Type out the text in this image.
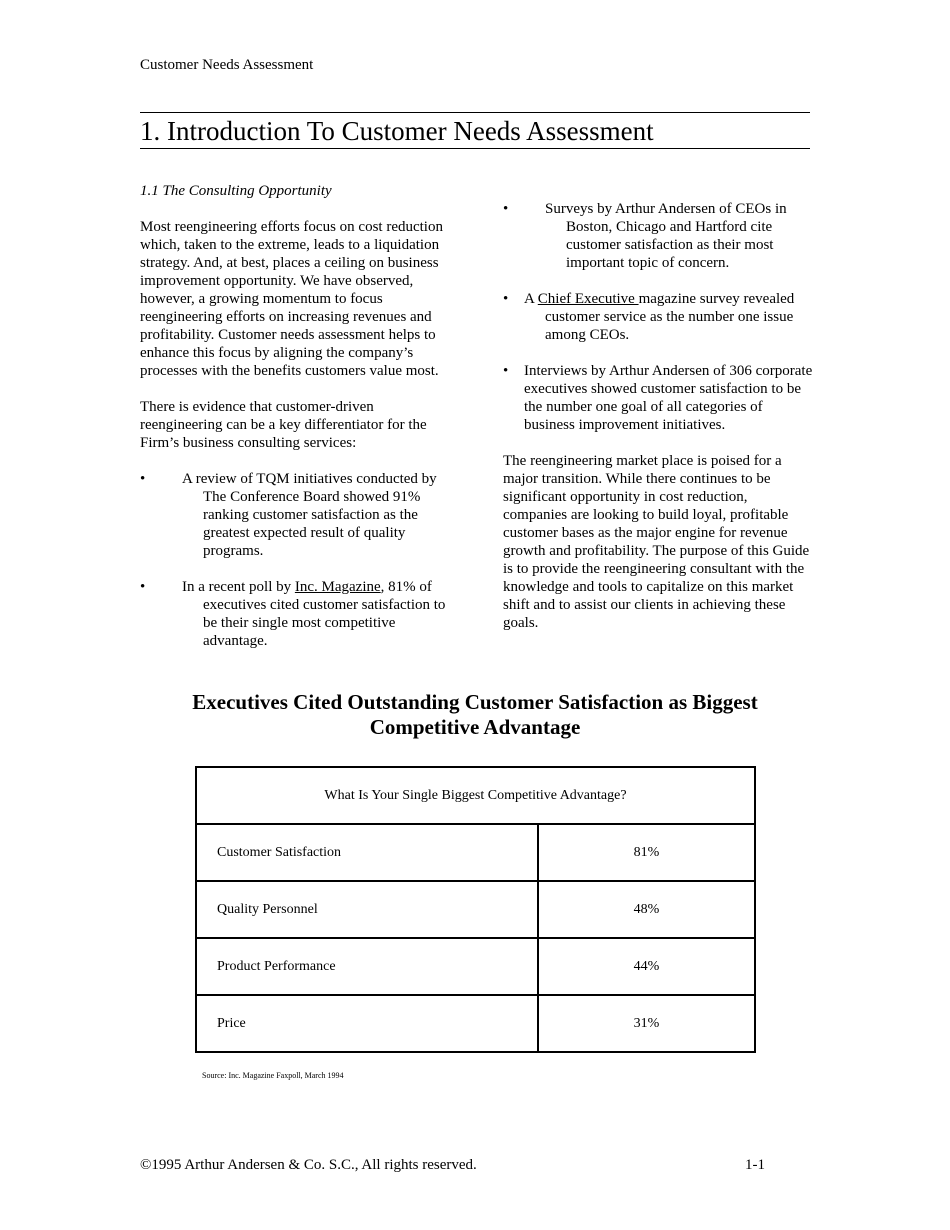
Customer Needs Assessment
1. Introduction To Customer Needs Assessment
1.1 The Consulting Opportunity

Most reengineering efforts focus on cost reduction which, taken to the extreme, leads to a liquidation strategy. And, at best, places a ceiling on business improvement opportunity. We have observed, however, a growing momentum to focus reengineering efforts on increasing revenues and profitability. Customer needs assessment helps to enhance this focus by aligning the company’s processes with the benefits customers value most.

There is evidence that customer-driven reengineering can be a key differentiator for the Firm’s business consulting services:

•	A review of TQM initiatives conducted by The Conference Board showed 91% ranking customer satisfaction as the greatest expected result of quality programs.
•	In a recent poll by Inc. Magazine, 81% of executives cited customer satisfaction to be their single most competitive advantage.
• Surveys by Arthur Andersen of CEOs in Boston, Chicago and Hartford cite customer satisfaction as their most important topic of concern.
• A Chief Executive magazine survey revealed customer service as the number one issue among CEOs.
• Interviews by Arthur Andersen of 306 corporate executives showed customer satisfaction to be the number one goal of all categories of business improvement initiatives.

The reengineering market place is poised for a major transition. While there continues to be significant opportunity in cost reduction, companies are looking to build loyal, profitable customer bases as the major engine for revenue growth and profitability. The purpose of this Guide is to provide the reengineering consultant with the knowledge and tools to capitalize on this market shift and to assist our clients in achieving these goals.

Executives Cited Outstanding Customer Satisfaction as Biggest Competitive Advantage
What Is Your Single Biggest Competitive Advantage?	
Customer Satisfaction	81%
Quality Personnel	48%
Product Performance	44%
Price	31%
Source: Inc. Magazine Faxpoll, March 1994
©1995 Arthur Andersen & Co. S.C., All rights reserved.	1-1
